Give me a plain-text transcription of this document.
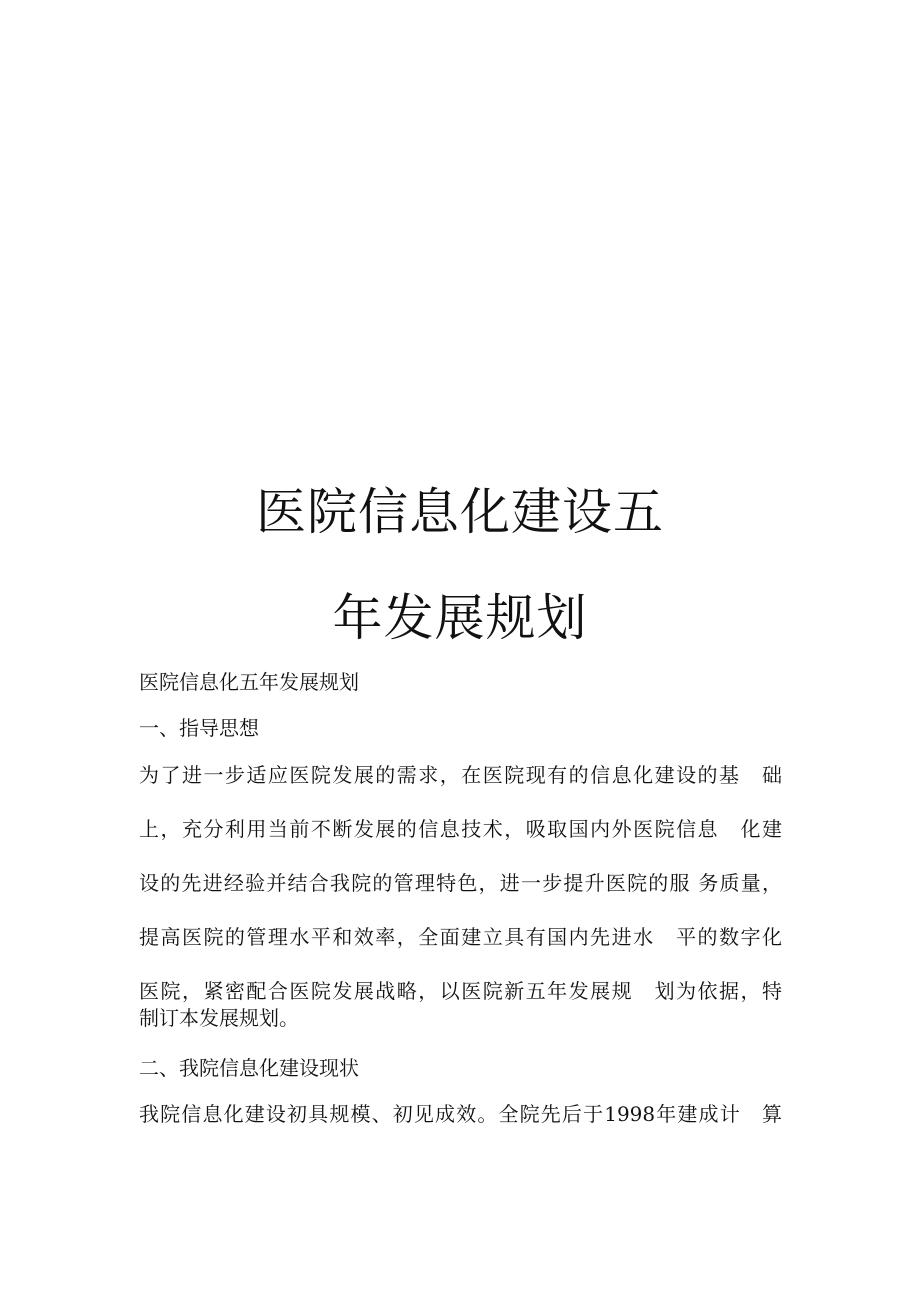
医院信息化建设五
年发展规划
医院信息化五年发展规划
一、指导思想
为了进一步适应医院发展的需求，在医院现有的信息化建设的基　础
上，充分利用当前不断发展的信息技术，吸取国内外医院信息　化建
设的先进经验并结合我院的管理特色，进一步提升医院的服 务质量，
提高医院的管理水平和效率，全面建立具有国内先进水　平的数字化
医院，紧密配合医院发展战略，以医院新五年发展规　划为依据，特
制订本发展规划。
二、我院信息化建设现状
我院信息化建设初具规模、初见成效。全院先后于1998年建成计　算
